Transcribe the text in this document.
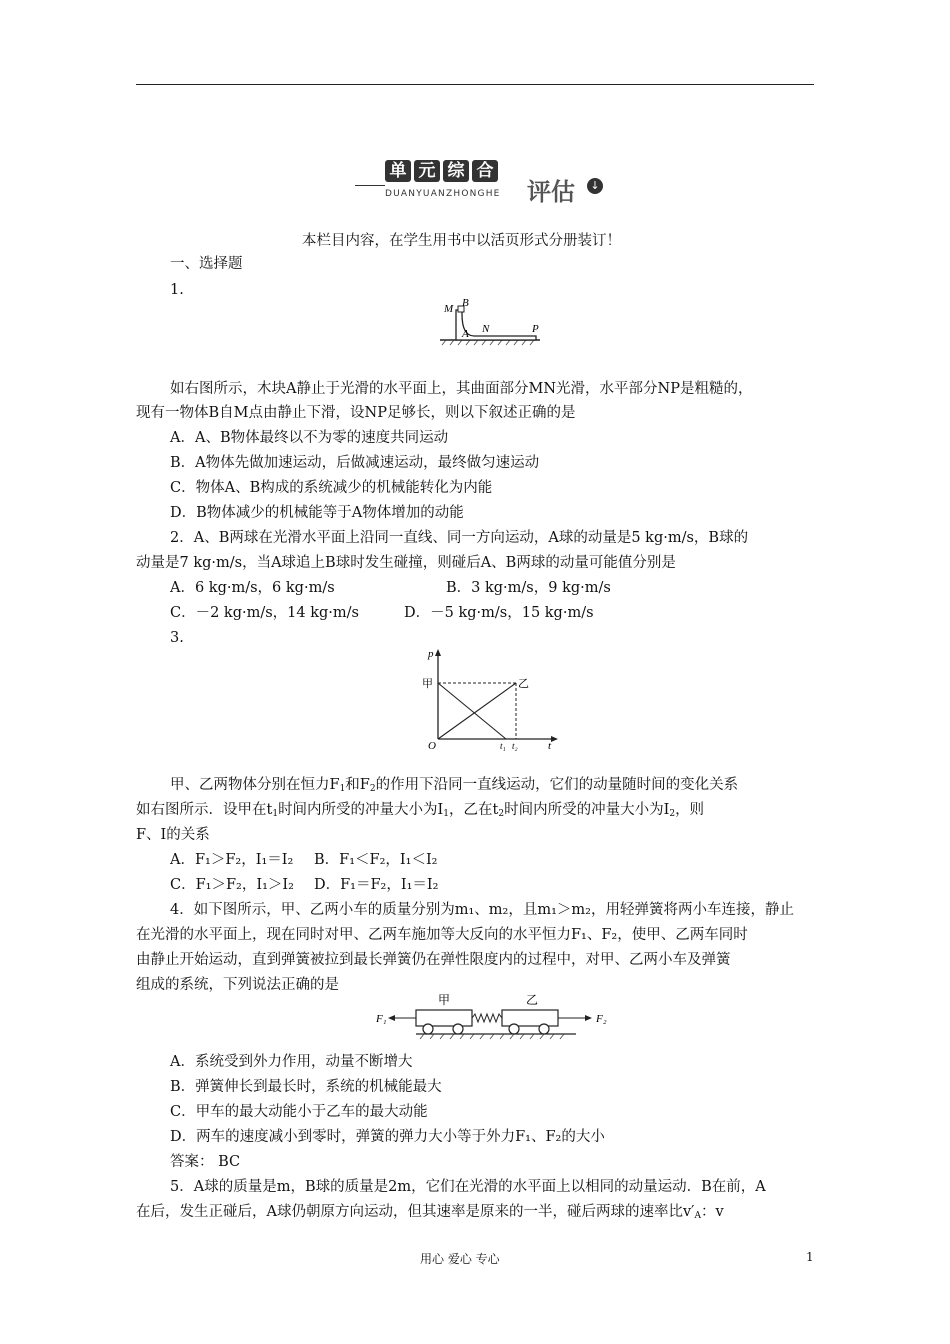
单 元 综 合
DUANYUANZHONGHE 评估	↓
本栏目内容，在学生用书中以活页形式分册装订！
一、选择题
1.
M B
A N	P
如右图所示，木块A静止于光滑的水平面上，其曲面部分MN光滑，水平部分NP是粗糙的，
现有一物体B自M点由静止下滑，设NP足够长，则以下叙述正确的是
A．A、B物体最终以不为零的速度共同运动
B．A物体先做加速运动，后做减速运动，最终做匀速运动
C．物体A、B构成的系统减少的机械能转化为内能
D．B物体减少的机械能等于A物体增加的动能
2．A、B两球在光滑水平面上沿同一直线、同一方向运动，A球的动量是5 kg·m/s，B球的
动量是7 kg·m/s，当A球追上B球时发生碰撞，则碰后A、B两球的动量可能值分别是
A．6 kg·m/s，6 kg·m/s	B．3 kg·m/s，9 kg·m/s
C．－2 kg·m/s，14 kg·m/s	D．－5 kg·m/s，15 kg·m/s
3.
p
甲	乙
O	t₁ t₂	t
甲、乙两物体分别在恒力$F_1$和$F_2$的作用下沿同一直线运动，它们的动量随时间的变化关系
如右图所示．设甲在$t_1$时间内所受的冲量大小为$I_1$，乙在$t_2$时间内所受的冲量大小为$I_2$，则
F、I的关系
A．F₁＞F₂，I₁＝I₂ B．F₁＜F₂，I₁＜I₂
C．F₁＞F₂，I₁＞I₂ D．F₁＝F₂，I₁＝I₂
4．如下图所示，甲、乙两小车的质量分别为m₁、m₂，且m₁＞m₂，用轻弹簧将两小车连接，静止
在光滑的水平面上，现在同时对甲、乙两车施加等大反向的水平恒力F₁、F₂，使甲、乙两车同时
由静止开始运动，直到弹簧被拉到最长弹簧仍在弹性限度内的过程中，对甲、乙两小车及弹簧
组成的系统，下列说法正确的是
甲	乙
F₁	F₂
A．系统受到外力作用，动量不断增大
B．弹簧伸长到最长时，系统的机械能最大
C．甲车的最大动能小于乙车的最大动能
D．两车的速度减小到零时，弹簧的弹力大小等于外力F₁、F₂的大小
答案： BC
5．A球的质量是m，B球的质量是2m，它们在光滑的水平面上以相同的动量运动．B在前，A
在后，发生正碰后，A球仍朝原方向运动，但其速率是原来的一半，碰后两球的速率比$v'_A$：v
用心 爱心 专心	1
